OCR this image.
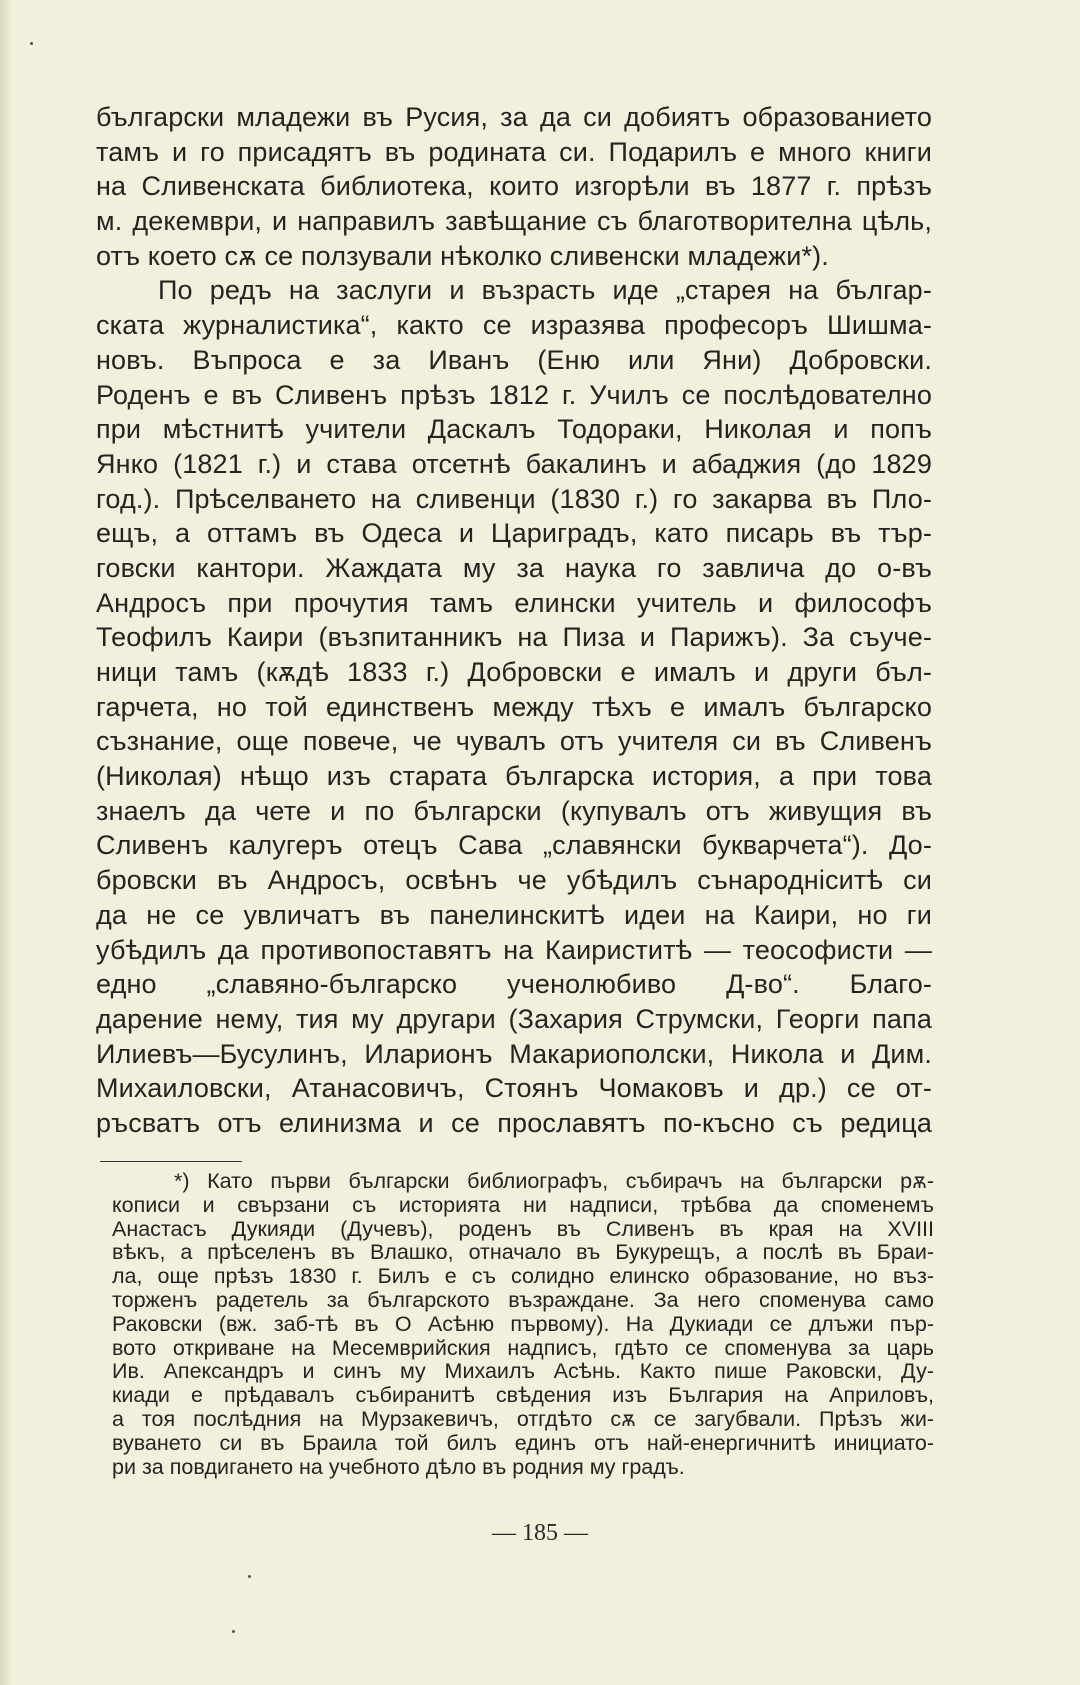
български младежи въ Русия, за да си добиятъ образованието
тамъ и го присадятъ въ родината си. Подарилъ е много книги
на Сливенската библиотека, които изгорѣли въ 1877 г. прѣзъ
м. декември, и направилъ завѣщание съ благотворителна цѣль,
отъ което сѫ се ползували нѣколко сливенски младежи*).
По редъ на заслуги и възрасть иде „старея на българ-
ската журналистика“, както се изразява професоръ Шишма-
новъ. Въпроса е за Иванъ (Еню или Яни) Добровски.
Роденъ е въ Сливенъ прѣзъ 1812 г. Училъ се послѣдователно
при мѣстнитѣ учители Даскалъ Тодораки, Николая и попъ
Янко (1821 г.) и става отсетнѣ бакалинъ и абаджия (до 1829
год.). Прѣселването на сливенци (1830 г.) го закарва въ Пло-
ещъ, а оттамъ въ Одеса и Цариградъ, като писарь въ тър-
говски кантори. Жаждата му за наука го завлича до о-въ
Андросъ при прочутия тамъ елински учитель и философъ
Теофилъ Каири (възпитанникъ на Пиза и Парижъ). За съуче-
ници тамъ (кѫдѣ 1833 г.) Добровски е ималъ и други бъл-
гарчета, но той единственъ между тѣхъ е ималъ българско
съзнание, още повече, че чувалъ отъ учителя си въ Сливенъ
(Николая) нѣщо изъ старата българска история, а при това
знаелъ да чете и по български (купувалъ отъ живущия въ
Сливенъ калугеръ отецъ Сава „славянски букварчета“). До-
бровски въ Андросъ, освѣнъ че убѣдилъ сънароднicитѣ си
да не се увличатъ въ панелинскитѣ идеи на Каири, но ги
убѣдилъ да противопоставятъ на Каириститѣ — теософисти —
едно „славяно-българско ученолюбиво Д-во“. Благо-
дарение нему, тия му другари (Захария Струмски, Георги папа
Илиевъ—Бусулинъ, Иларионъ Макариополски, Никола и Дим.
Михаиловски, Атанасовичъ, Стоянъ Чомаковъ и др.) се от-
ръсватъ отъ елинизма и се прославятъ по-късно съ редица
*) Като първи български библиографъ, събирачъ на български рѫ-
кописи и свързани съ историята ни надписи, трѣбва да споменемъ
Анастасъ Дукияди (Дучевъ), роденъ въ Сливенъ въ края на XVIII
вѣкъ, а прѣселенъ въ Влашко, отначало въ Букурещъ, а послѣ въ Браи-
ла, още прѣзъ 1830 г. Билъ е съ солидно елинско образование, но въз-
торженъ радетель за българското възраждане. За него споменува само
Раковски (вж. заб-тѣ въ О Асѣню първому). На Дукиади се длъжи пър-
вото откриване на Месемврийския надписъ, гдѣто се споменува за царь
Ив. Апександръ и синъ му Михаилъ Асѣнь. Както пише Раковски, Ду-
киади е прѣдавалъ събиранитѣ свѣдения изъ България на Априловъ,
а тоя послѣдния на Мурзакевичъ, отгдѣто сѫ се загубвали. Прѣзъ жи-
вуването си въ Браила той билъ единъ отъ най-енергичнитѣ инициато-
ри за повдигането на учебното дѣло въ родния му градъ.
— 185 —
